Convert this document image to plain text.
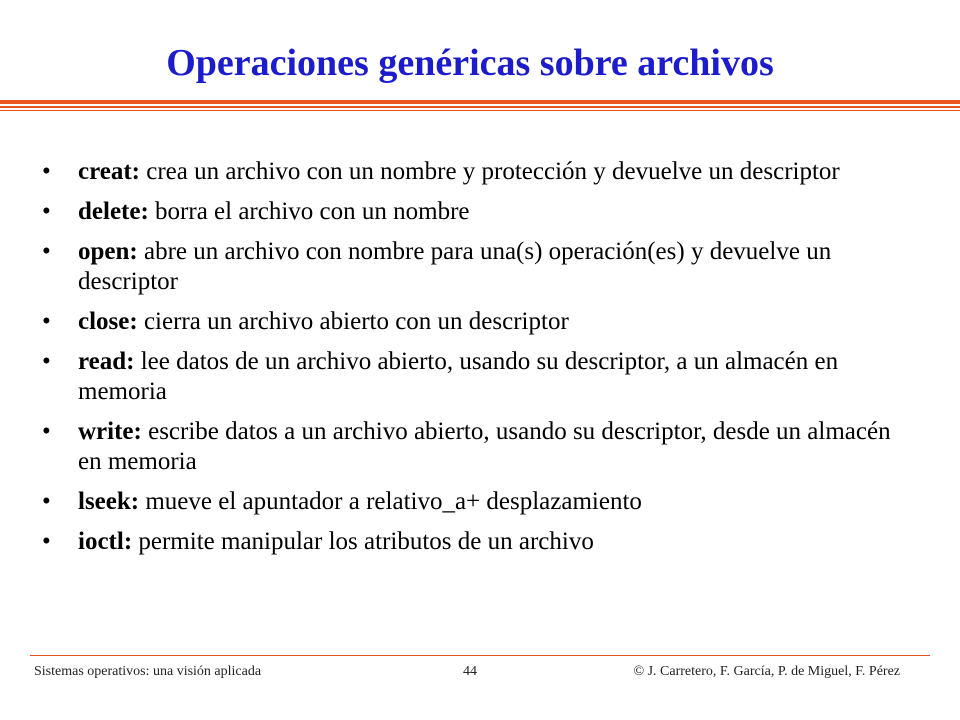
Operaciones genéricas sobre archivos
• creat: crea un archivo con un nombre y protección y devuelve un descriptor
• delete: borra el archivo con un nombre
• open: abre un archivo con nombre para una(s) operación(es) y devuelve un descriptor
• close: cierra un archivo abierto con un descriptor
• read: lee datos de un archivo abierto, usando su descriptor, a un almacén en memoria
• write: escribe datos a un archivo abierto, usando su descriptor, desde un almacén en memoria
• lseek: mueve el apuntador a relativo_a+ desplazamiento
• ioctl: permite manipular los atributos de un archivo
Sistemas operativos: una visión aplicada	44	© J. Carretero, F. García, P. de Miguel, F. Pérez
